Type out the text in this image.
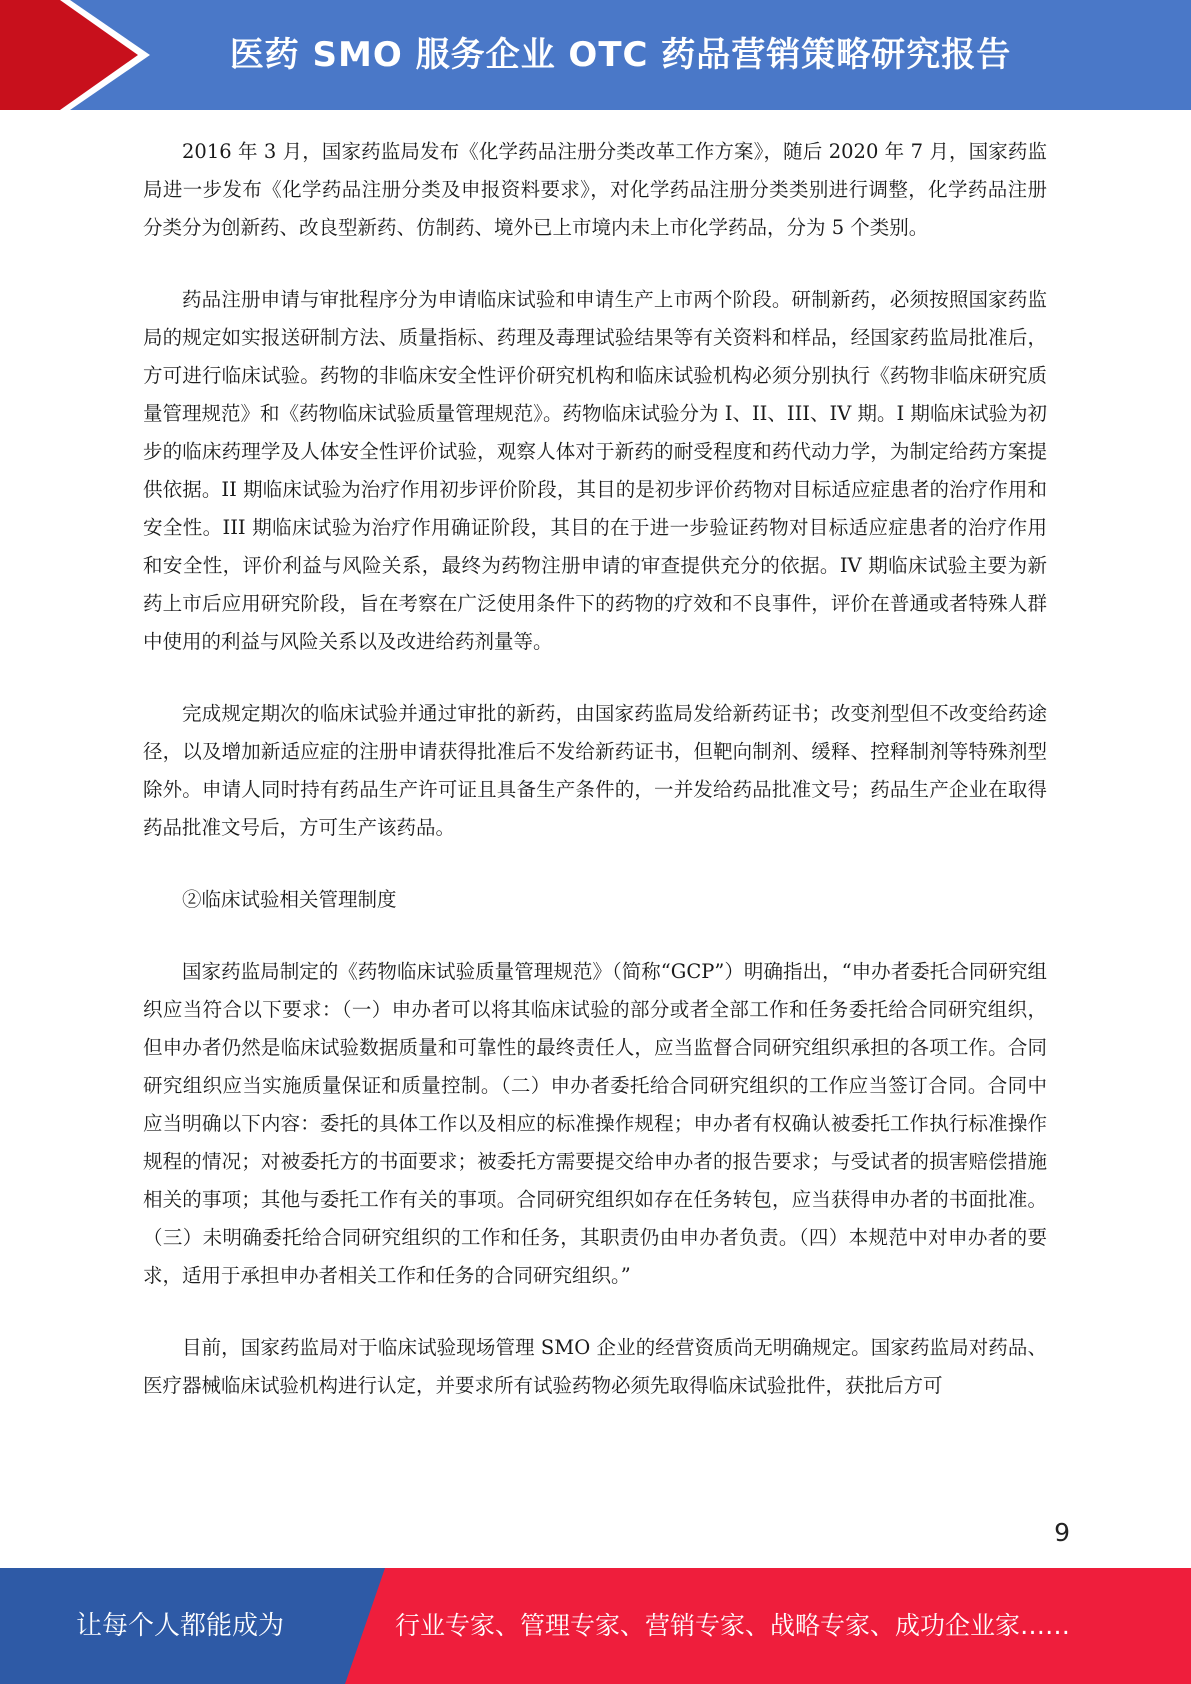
医药 SMO 服务企业 OTC 药品营销策略研究报告

2016 年 3 月，国家药监局发布《化学药品注册分类改革工作方案》，随后 2020 年 7 月，国家药监局进一步发布《化学药品注册分类及申报资料要求》，对化学药品注册分类类别进行调整，化学药品注册分类分为创新药、改良型新药、仿制药、境外已上市境内未上市化学药品，分为 5 个类别。

药品注册申请与审批程序分为申请临床试验和申请生产上市两个阶段。研制新药，必须按照国家药监局的规定如实报送研制方法、质量指标、药理及毒理试验结果等有关资料和样品，经国家药监局批准后，方可进行临床试验。药物的非临床安全性评价研究机构和临床试验机构必须分别执行《药物非临床研究质量管理规范》和《药物临床试验质量管理规范》。药物临床试验分为 I、II、III、IV 期。I 期临床试验为初步的临床药理学及人体安全性评价试验，观察人体对于新药的耐受程度和药代动力学，为制定给药方案提供依据。II 期临床试验为治疗作用初步评价阶段，其目的是初步评价药物对目标适应症患者的治疗作用和安全性。III 期临床试验为治疗作用确证阶段，其目的在于进一步验证药物对目标适应症患者的治疗作用和安全性，评价利益与风险关系，最终为药物注册申请的审查提供充分的依据。IV 期临床试验主要为新药上市后应用研究阶段，旨在考察在广泛使用条件下的药物的疗效和不良事件，评价在普通或者特殊人群中使用的利益与风险关系以及改进给药剂量等。

完成规定期次的临床试验并通过审批的新药，由国家药监局发给新药证书；改变剂型但不改变给药途径，以及增加新适应症的注册申请获得批准后不发给新药证书，但靶向制剂、缓释、控释制剂等特殊剂型除外。申请人同时持有药品生产许可证且具备生产条件的，一并发给药品批准文号；药品生产企业在取得药品批准文号后，方可生产该药品。

②临床试验相关管理制度

国家药监局制定的《药物临床试验质量管理规范》（简称“GCP”）明确指出，“申办者委托合同研究组织应当符合以下要求：（一）申办者可以将其临床试验的部分或者全部工作和任务委托给合同研究组织，但申办者仍然是临床试验数据质量和可靠性的最终责任人，应当监督合同研究组织承担的各项工作。合同研究组织应当实施质量保证和质量控制。（二）申办者委托给合同研究组织的工作应当签订合同。合同中应当明确以下内容：委托的具体工作以及相应的标准操作规程；申办者有权确认被委托工作执行标准操作规程的情况；对被委托方的书面要求；被委托方需要提交给申办者的报告要求；与受试者的损害赔偿措施相关的事项；其他与委托工作有关的事项。合同研究组织如存在任务转包，应当获得申办者的书面批准。（三）未明确委托给合同研究组织的工作和任务，其职责仍由申办者负责。（四）本规范中对申办者的要求，适用于承担申办者相关工作和任务的合同研究组织。”

目前，国家药监局对于临床试验现场管理 SMO 企业的经营资质尚无明确规定。国家药监局对药品、医疗器械临床试验机构进行认定，并要求所有试验药物必须先取得临床试验批件，获批后方可

9
让每个人都能成为	行业专家、管理专家、营销专家、战略专家、成功企业家……
